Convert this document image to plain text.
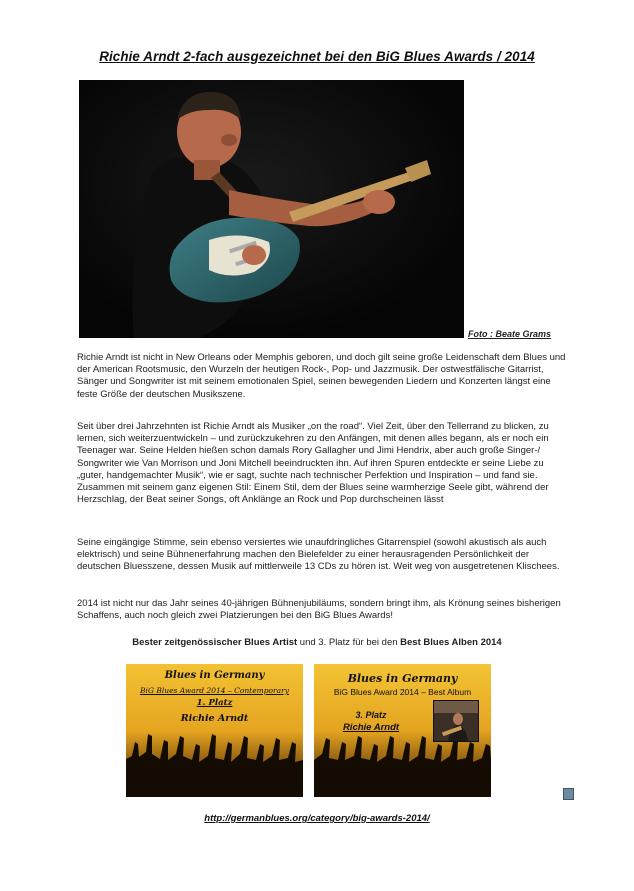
Richie Arndt 2-fach ausgezeichnet bei den BiG Blues Awards / 2014
Foto : Beate Grams

Richie Arndt ist nicht in New Orleans oder Memphis geboren, und doch gilt seine große Leidenschaft dem Blues und der American Rootsmusic, den Wurzeln der heutigen Rock-, Pop- und Jazzmusik. Der ostwestfälische Gitarrist, Sänger und Songwriter ist mit seinem emotionalen Spiel, seinen bewegenden Liedern und Konzerten längst eine feste Größe der deutschen Musikszene.

Seit über drei Jahrzehnten ist Richie Arndt als Musiker „on the road“. Viel Zeit, über den Tellerrand zu blicken, zu lernen, sich weiterzuentwickeln – und zurückzukehren zu den Anfängen, mit denen alles begann, als er noch ein Teenager war. Seine Helden hießen schon damals Rory Gallagher und Jimi Hendrix, aber auch große Singer-/ Songwriter wie Van Morrison und Joni Mitchell beeindruckten ihn. Auf ihren Spuren entdeckte er seine Liebe zu „guter, handgemachter Musik“, wie er sagt, suchte nach technischer Perfektion und Inspiration – und fand sie. Zusammen mit seinem ganz eigenen Stil: Einem Stil, dem der Blues seine warmherzige Seele gibt, während der Herzschlag, der Beat seiner Songs, oft Anklänge an Rock und Pop durchscheinen lässt

Seine eingängige Stimme, sein ebenso versiertes wie unaufdringliches Gitarrenspiel (sowohl akustisch als auch elektrisch) und seine Bühnenerfahrung machen den Bielefelder zu einer herausragenden Persönlichkeit der deutschen Bluesszene, dessen Musik auf mittlerweile 13 CDs zu hören ist. Weit weg von ausgetretenen Klischees.

2014 ist nicht nur das Jahr seines 40-jährigen Bühnenjubiläums, sondern bringt ihm, als Krönung seines bisherigen Schaffens, auch noch gleich zwei Platzierungen bei den BiG Blues Awards!

Bester zeitgenössischer Blues Artist und 3. Platz für bei den Best Blues Alben 2014
Blues in Germany
BiG Blues Award 2014 – Contemporary
1. Platz
Richie Arndt
Blues in Germany
BiG Blues Award 2014 – Best Album
3. Platz
Richie Arndt
http://germanblues.org/category/big-awards-2014/
